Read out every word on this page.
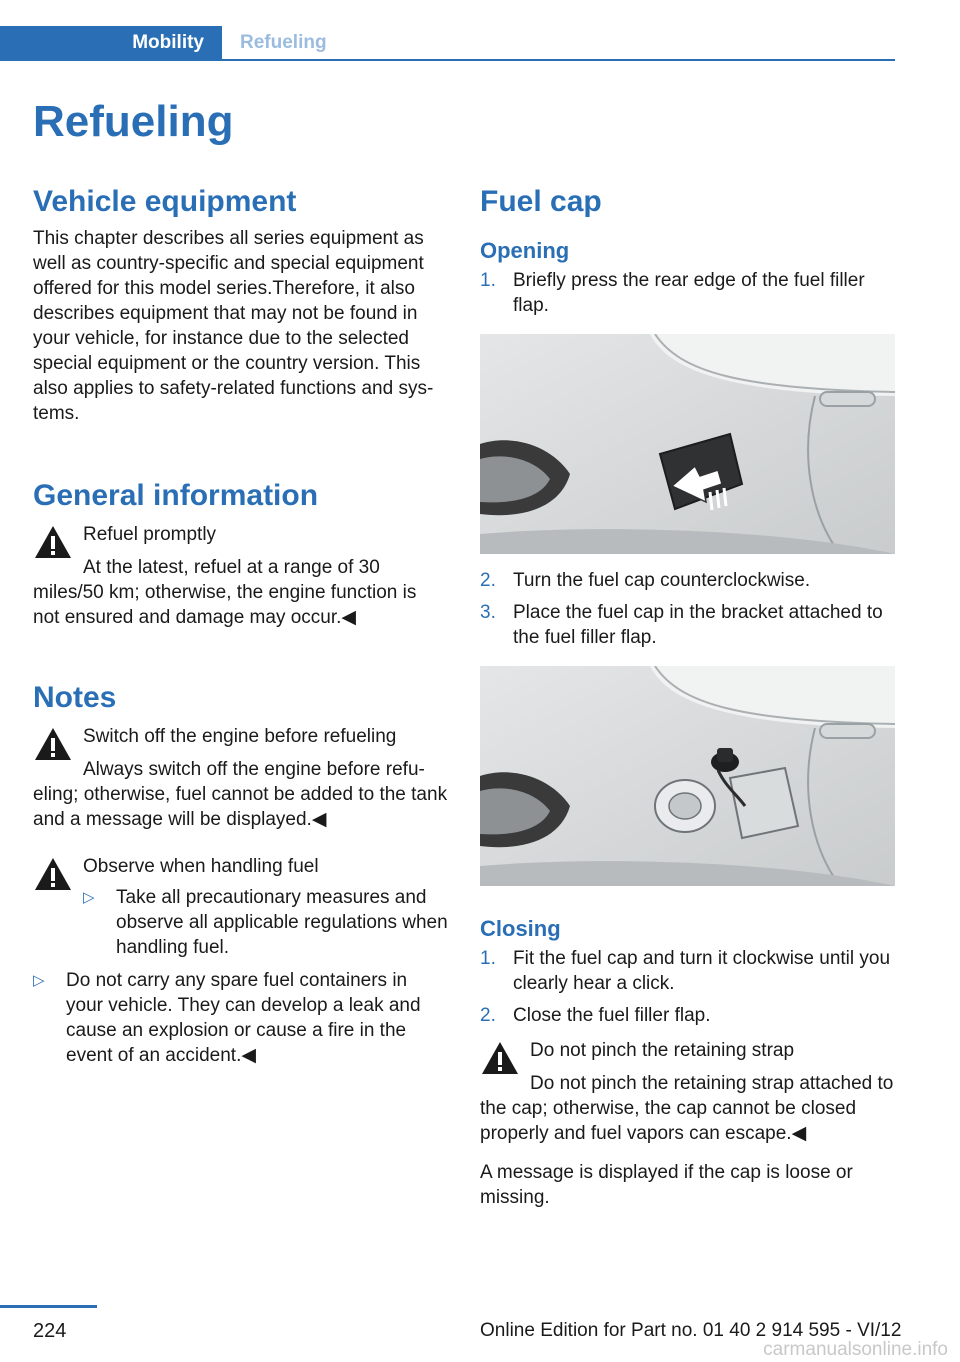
Mobility	Refueling
Refueling
Vehicle equipment

This chapter describes all series equipment as well as country-specific and special equipment offered for this model series.Therefore, it also describes equipment that may not be found in your vehicle, for instance due to the selected special equipment or the country version. This also applies to safety-related functions and sys‐tems.

General information
Refuel promptly
At the latest, refuel at a range of 30 miles/50 km; otherwise, the engine function is not ensured and damage may occur.◀
Notes
Switch off the engine before refueling
Always switch off the engine before refu‐eling; otherwise, fuel cannot be added to the tank and a message will be displayed.◀
Observe when handling fuel
▷ Take all precautionary measures and observe all applicable regulations when handling fuel.
▷ Do not carry any spare fuel containers in your vehicle. They can develop a leak and cause an explosion or cause a fire in the event of an accident.◀
Fuel cap
Opening
1. Briefly press the rear edge of the fuel filler flap.
2. Turn the fuel cap counterclockwise.
3. Place the fuel cap in the bracket attached to the fuel filler flap.
Closing
1. Fit the fuel cap and turn it clockwise until you clearly hear a click.
2. Close the fuel filler flap.
Do not pinch the retaining strap
Do not pinch the retaining strap attached to the cap; otherwise, the cap cannot be closed properly and fuel vapors can escape.◀

A message is displayed if the cap is loose or missing.

224	Online Edition for Part no. 01 40 2 914 595 - VI/12
carmanualsonline.info
